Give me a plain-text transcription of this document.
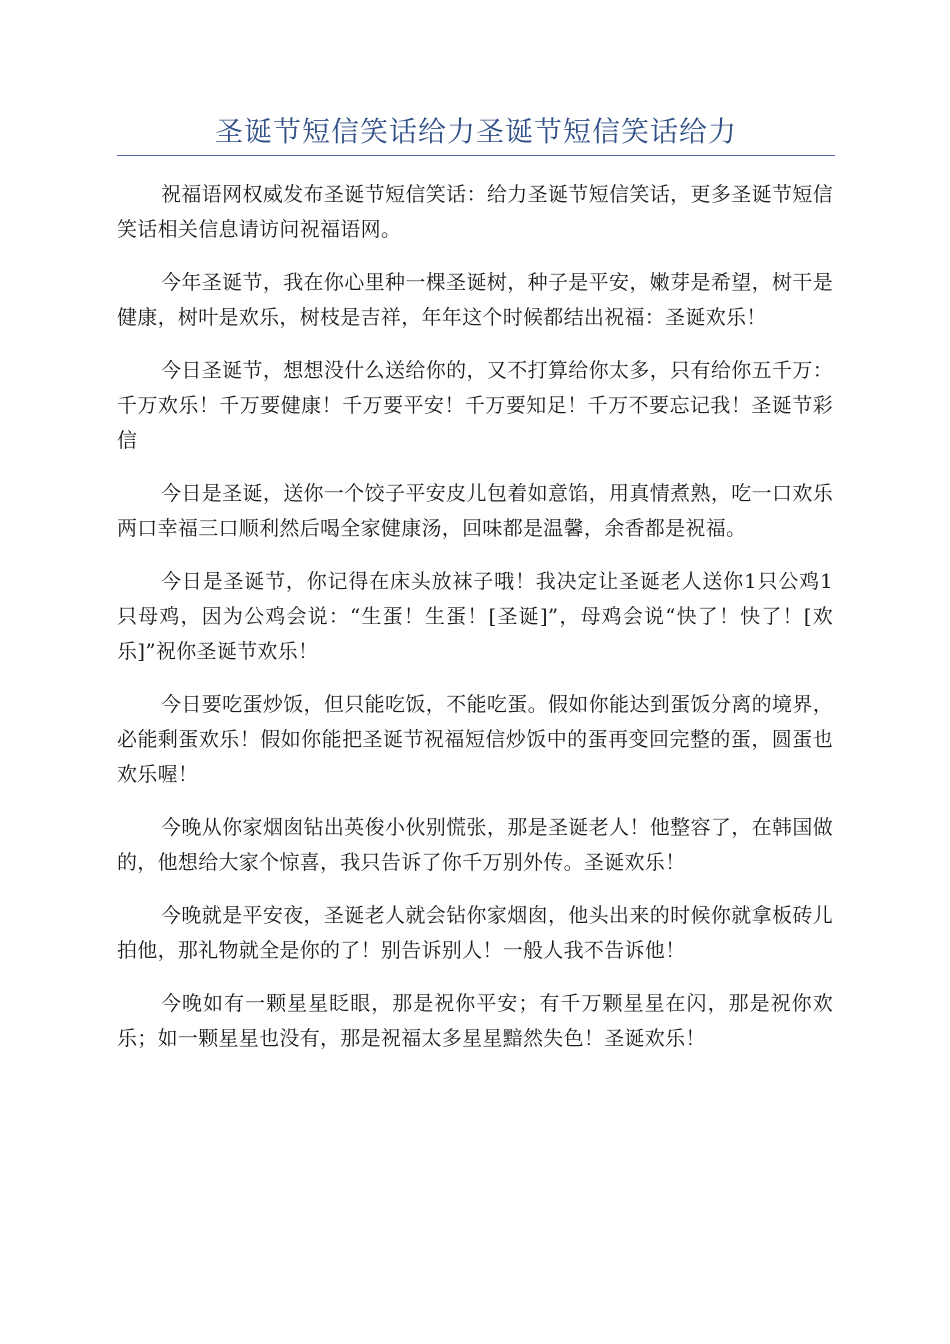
圣诞节短信笑话给力圣诞节短信笑话给力

祝福语网权威发布圣诞节短信笑话：给力圣诞节短信笑话，更多圣诞节短信笑话相关信息请访问祝福语网。

今年圣诞节，我在你心里种一棵圣诞树，种子是平安，嫩芽是希望，树干是健康，树叶是欢乐，树枝是吉祥，年年这个时候都结出祝福：圣诞欢乐！

今日圣诞节，想想没什么送给你的，又不打算给你太多，只有给你五千万：千万欢乐！千万要健康！千万要平安！千万要知足！千万不要忘记我！圣诞节彩信

今日是圣诞，送你一个饺子平安皮儿包着如意馅，用真情煮熟，吃一口欢乐两口幸福三口顺利然后喝全家健康汤，回味都是温馨，余香都是祝福。

今日是圣诞节，你记得在床头放袜子哦！我决定让圣诞老人送你1只公鸡1只母鸡，因为公鸡会说：“生蛋！生蛋！[圣诞]”，母鸡会说“快了！快了！[欢乐]”祝你圣诞节欢乐！

今日要吃蛋炒饭，但只能吃饭，不能吃蛋。假如你能达到蛋饭分离的境界，必能剩蛋欢乐！假如你能把圣诞节祝福短信炒饭中的蛋再变回完整的蛋，圆蛋也欢乐喔！

今晚从你家烟囱钻出英俊小伙别慌张，那是圣诞老人！他整容了，在韩国做的，他想给大家个惊喜，我只告诉了你千万别外传。圣诞欢乐！

今晚就是平安夜，圣诞老人就会钻你家烟囱，他头出来的时候你就拿板砖儿拍他，那礼物就全是你的了！别告诉别人！一般人我不告诉他！

今晚如有一颗星星眨眼，那是祝你平安；有千万颗星星在闪，那是祝你欢乐；如一颗星星也没有，那是祝福太多星星黯然失色！圣诞欢乐！
